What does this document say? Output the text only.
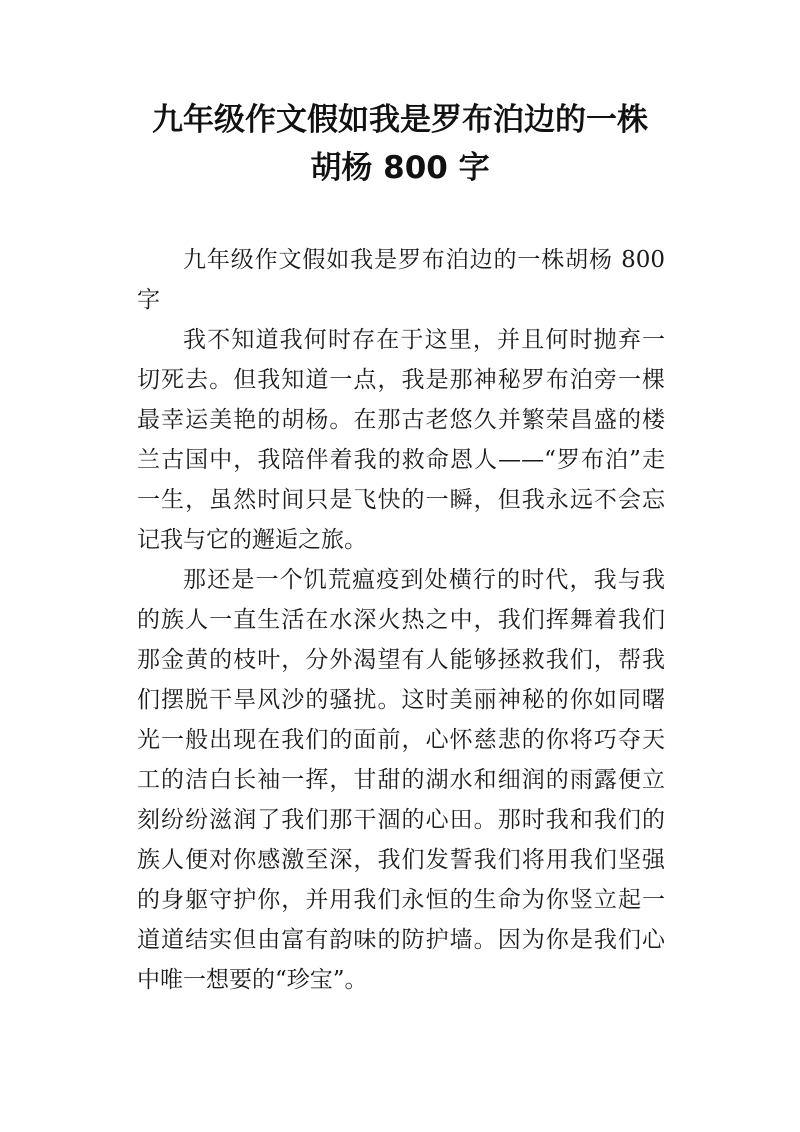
九年级作文假如我是罗布泊边的一株
胡杨 800 字

九年级作文假如我是罗布泊边的一株胡杨 800 字

我不知道我何时存在于这里，并且何时抛弃一切死去。但我知道一点，我是那神秘罗布泊旁一棵最幸运美艳的胡杨。在那古老悠久并繁荣昌盛的楼兰古国中，我陪伴着我的救命恩人——“罗布泊”走一生，虽然时间只是飞快的一瞬，但我永远不会忘记我与它的邂逅之旅。

那还是一个饥荒瘟疫到处横行的时代，我与我的族人一直生活在水深火热之中，我们挥舞着我们那金黄的枝叶，分外渴望有人能够拯救我们，帮我们摆脱干旱风沙的骚扰。这时美丽神秘的你如同曙光一般出现在我们的面前，心怀慈悲的你将巧夺天工的洁白长袖一挥，甘甜的湖水和细润的雨露便立刻纷纷滋润了我们那干涸的心田。那时我和我们的族人便对你感激至深，我们发誓我们将用我们坚强的身躯守护你，并用我们永恒的生命为你竖立起一道道结实但由富有韵味的防护墙。因为你是我们心中唯一想要的“珍宝”。
